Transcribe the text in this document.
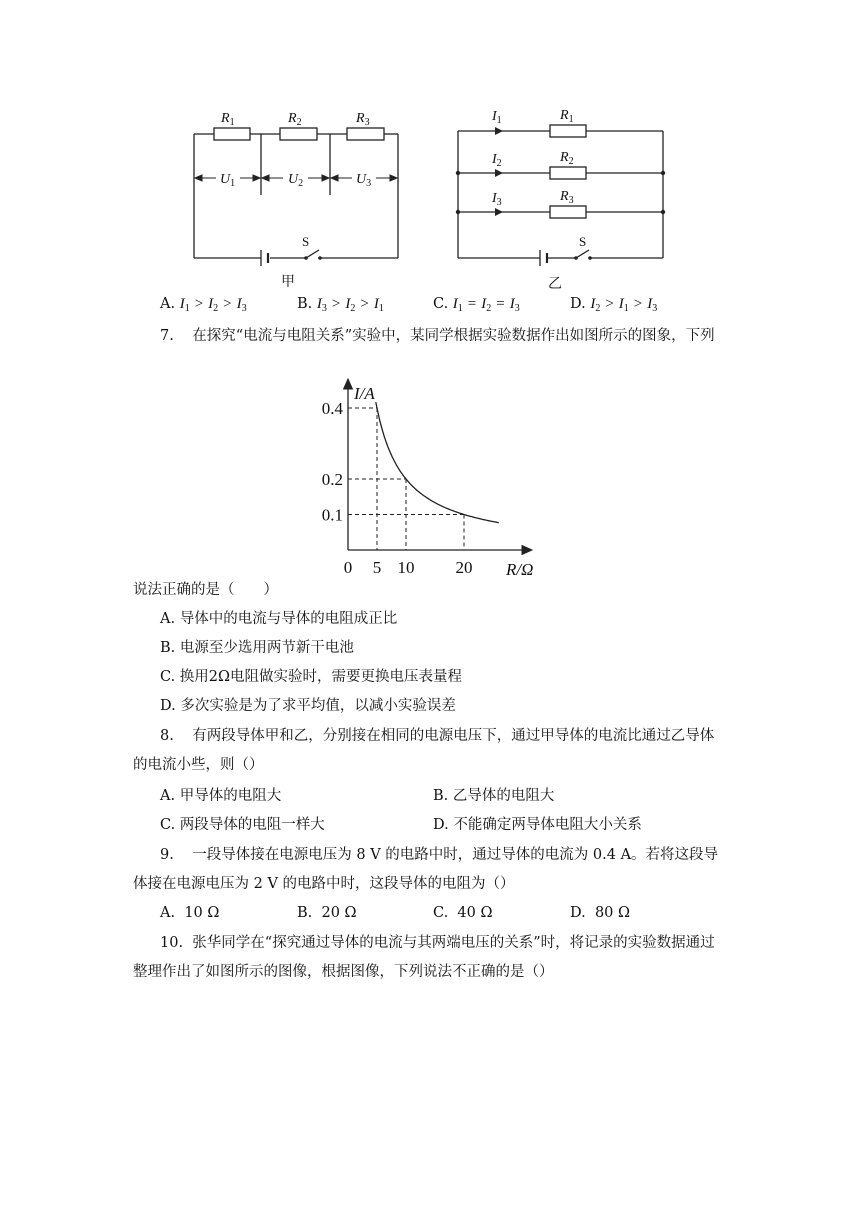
$R_1$	$R_2$	$R_3$
$U_1$	$U_2$	$U_3$
S
甲
$I_1$
$I_2$
$I_3$
$R_1$
$R_2$
$R_3$
S
乙
A. $I_1 > I_2 > I_3$	B. $I_3 > I_2 > I_1$	C. $I_1 = I_2 = I_3$	D. $I_2 > I_1 > I_3$
7. 在探究“电流与电阻关系”实验中，某同学根据实验数据作出如图所示的图象，下列
0 5 10 20
0.4
0.2
0.1
I/A
R/Ω
说法正确的是（　　）
A. 导体中的电流与导体的电阻成正比
B. 电源至少选用两节新干电池
C. 换用2Ω电阻做实验时，需要更换电压表量程
D. 多次实验是为了求平均值，以减小实验误差
8. 有两段导体甲和乙，分别接在相同的电源电压下，通过甲导体的电流比通过乙导体
的电流小些，则（）
A. 甲导体的电阻大	B. 乙导体的电阻大
C. 两段导体的电阻一样大	D. 不能确定两导体电阻大小关系
9. 一段导体接在电源电压为 8 V 的电路中时，通过导体的电流为 0.4 A。若将这段导
体接在电源电压为 2 V 的电路中时，这段导体的电阻为（）
A. 10 Ω	B. 20 Ω	C. 40 Ω	D. 80 Ω
10. 张华同学在“探究通过导体的电流与其两端电压的关系”时，将记录的实验数据通过
整理作出了如图所示的图像，根据图像，下列说法不正确的是（）
